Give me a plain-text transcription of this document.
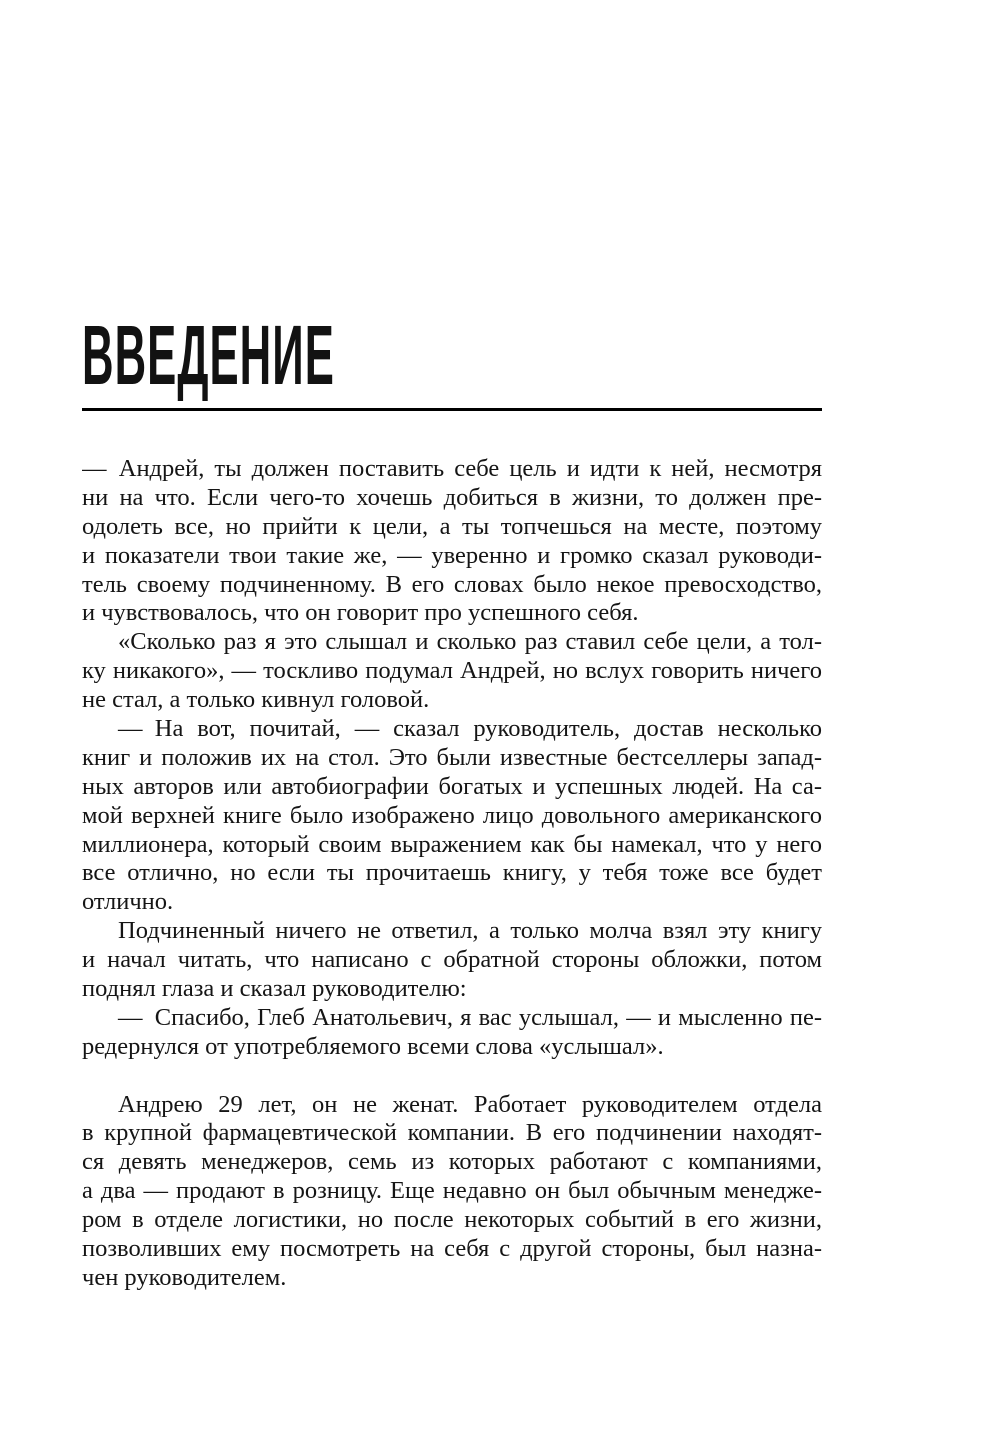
ВВЕДЕНИЕ
— Андрей, ты должен поставить себе цель и идти к ней, несмотря
ни на что. Если чего-то хочешь добиться в жизни, то должен пре-
одолеть все, но прийти к цели, а ты топчешься на месте, поэтому
и показатели твои такие же, — уверенно и громко сказал руководи-
тель своему подчиненному. В его словах было некое превосходство,
и чувствовалось, что он говорит про успешного себя.
«Сколько раз я это слышал и сколько раз ставил себе цели, а тол-
ку никакого», — тоскливо подумал Андрей, но вслух говорить ничего
не стал, а только кивнул головой.
— На вот, почитай, — сказал руководитель, достав несколько
книг и положив их на стол. Это были известные бестселлеры запад-
ных авторов или автобиографии богатых и успешных людей. На са-
мой верхней книге было изображено лицо довольного американского
миллионера, который своим выражением как бы намекал, что у него
все отлично, но если ты прочитаешь книгу, у тебя тоже все будет
отлично.
Подчиненный ничего не ответил, а только молча взял эту книгу
и начал читать, что написано с обратной стороны обложки, потом
поднял глаза и сказал руководителю:
— Спасибо, Глеб Анатольевич, я вас услышал, — и мысленно пе-
редернулся от употребляемого всеми слова «услышал».
Андрею 29 лет, он не женат. Работает руководителем отдела
в крупной фармацевтической компании. В его подчинении находят-
ся девять менеджеров, семь из которых работают с компаниями,
а два — продают в розницу. Еще недавно он был обычным менедже-
ром в отделе логистики, но после некоторых событий в его жизни,
позволивших ему посмотреть на себя с другой стороны, был назна-
чен руководителем.
